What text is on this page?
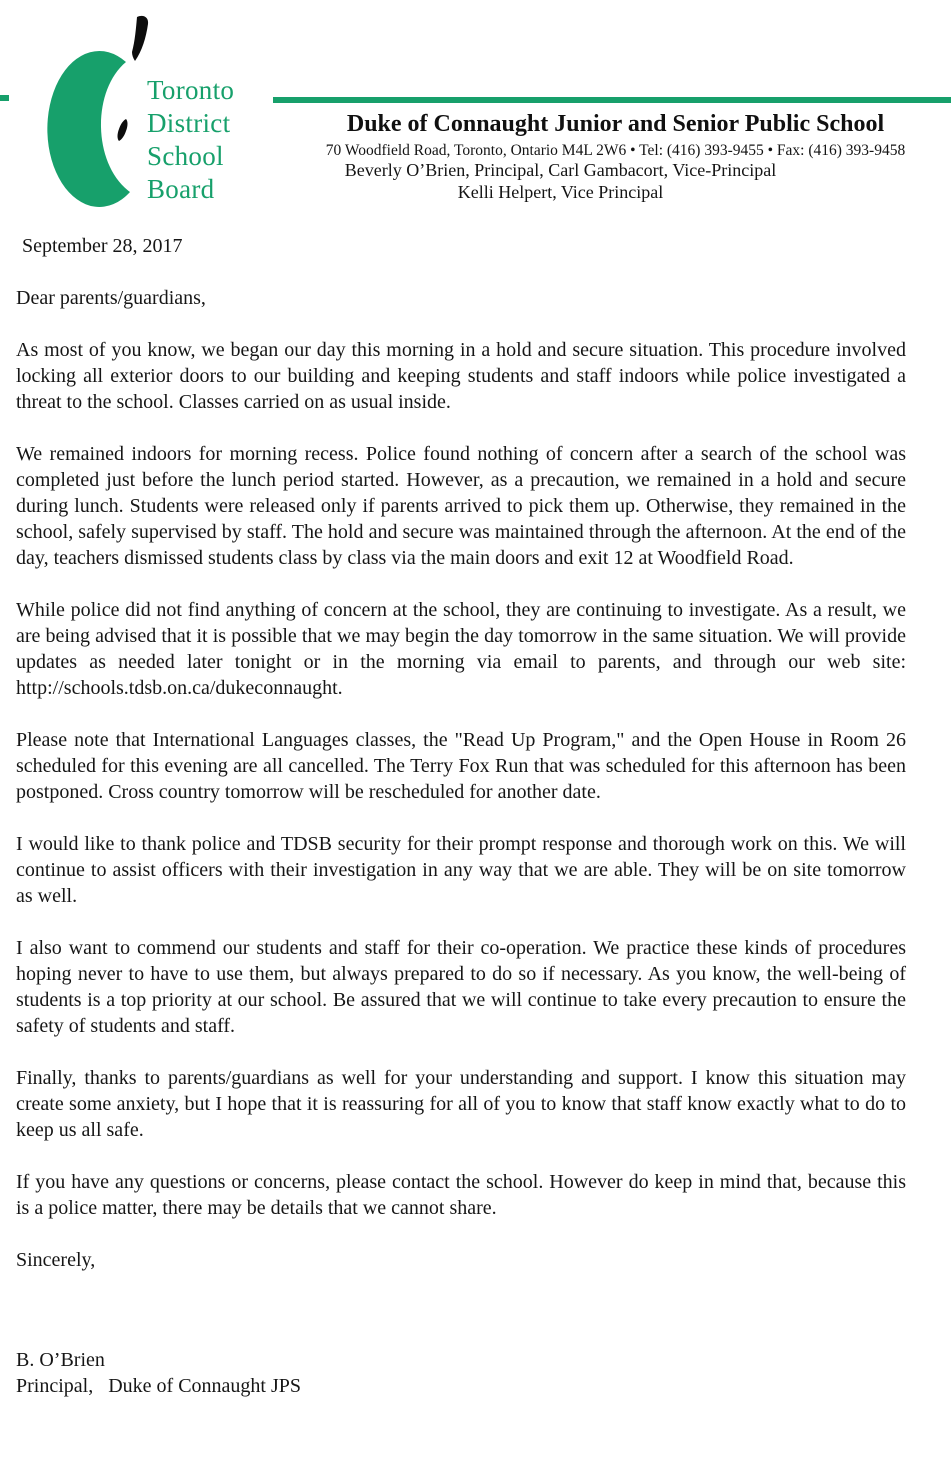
Toronto
District
School
Board
Duke of Connaught Junior and Senior Public School
70 Woodfield Road, Toronto, Ontario M4L 2W6 • Tel: (416) 393-9455 • Fax: (416) 393-9458
Beverly O’Brien, Principal, Carl Gambacort, Vice-Principal
Kelli Helpert, Vice Principal

September 28, 2017

Dear parents/guardians,

As most of you know, we began our day this morning in a hold and secure situation. This procedure involved locking all exterior doors to our building and keeping students and staff indoors while police investigated a threat to the school. Classes carried on as usual inside.

We remained indoors for morning recess. Police found nothing of concern after a search of the school was completed just before the lunch period started. However, as a precaution, we remained in a hold and secure during lunch. Students were released only if parents arrived to pick them up. Otherwise, they remained in the school, safely supervised by staff. The hold and secure was maintained through the afternoon. At the end of the day, teachers dismissed students class by class via the main doors and exit 12 at Woodfield Road.

While police did not find anything of concern at the school, they are continuing to investigate. As a result, we are being advised that it is possible that we may begin the day tomorrow in the same situation. We will provide updates as needed later tonight or in the morning via email to parents, and through our web site: http://schools.tdsb.on.ca/dukeconnaught.

Please note that International Languages classes, the "Read Up Program," and the Open House in Room 26 scheduled for this evening are all cancelled. The Terry Fox Run that was scheduled for this afternoon has been postponed. Cross country tomorrow will be rescheduled for another date.

I would like to thank police and TDSB security for their prompt response and thorough work on this. We will continue to assist officers with their investigation in any way that we are able. They will be on site tomorrow as well.

I also want to commend our students and staff for their co-operation. We practice these kinds of procedures hoping never to have to use them, but always prepared to do so if necessary. As you know, the well-being of students is a top priority at our school. Be assured that we will continue to take every precaution to ensure the safety of students and staff.

Finally, thanks to parents/guardians as well for your understanding and support. I know this situation may create some anxiety, but I hope that it is reassuring for all of you to know that staff know exactly what to do to keep us all safe.

If you have any questions or concerns, please contact the school. However do keep in mind that, because this is a police matter, there may be details that we cannot share.

Sincerely,

B. O’Brien

Principal,   Duke of Connaught JPS
